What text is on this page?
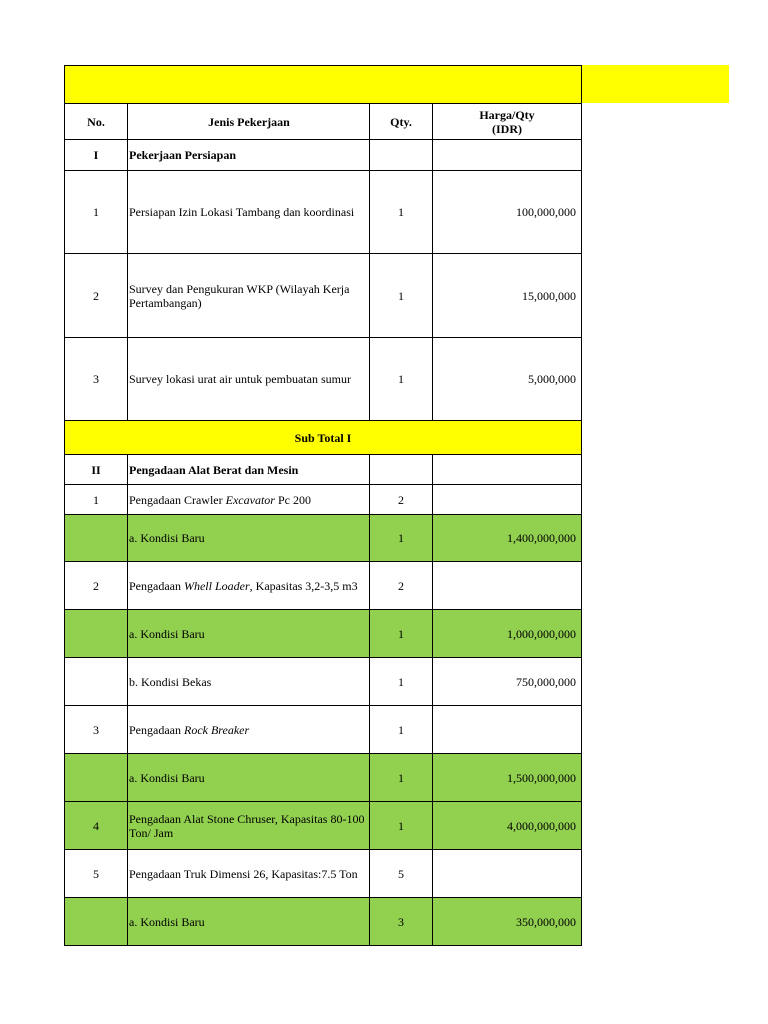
No.	Jenis Pekerjaan	Qty.	Harga/Qty
(IDR)

I	Pekerjaan Persiapan		
1	Persiapan Izin Lokasi Tambang dan koordinasi	1	100,000,000
2	Survey dan Pengukuran WKP (Wilayah Kerja Pertambangan)	1	15,000,000
3	Survey lokasi urat air untuk pembuatan sumur	1	5,000,000
Sub Total I			
II	Pengadaan Alat Berat dan Mesin		
1	Pengadaan Crawler Excavator Pc 200	2	
	a. Kondisi Baru	1	1,400,000,000
2	Pengadaan Whell Loader, Kapasitas 3,2-3,5 m3	2	
	a. Kondisi Baru	1	1,000,000,000
	b. Kondisi Bekas	1	750,000,000
3	Pengadaan Rock Breaker	1	
	a. Kondisi Baru	1	1,500,000,000
4	Pengadaan Alat Stone Chruser, Kapasitas 80-100 Ton/ Jam	1	4,000,000,000
5	Pengadaan Truk Dimensi 26, Kapasitas:7.5 Ton	5	
	a. Kondisi Baru	3	350,000,000
